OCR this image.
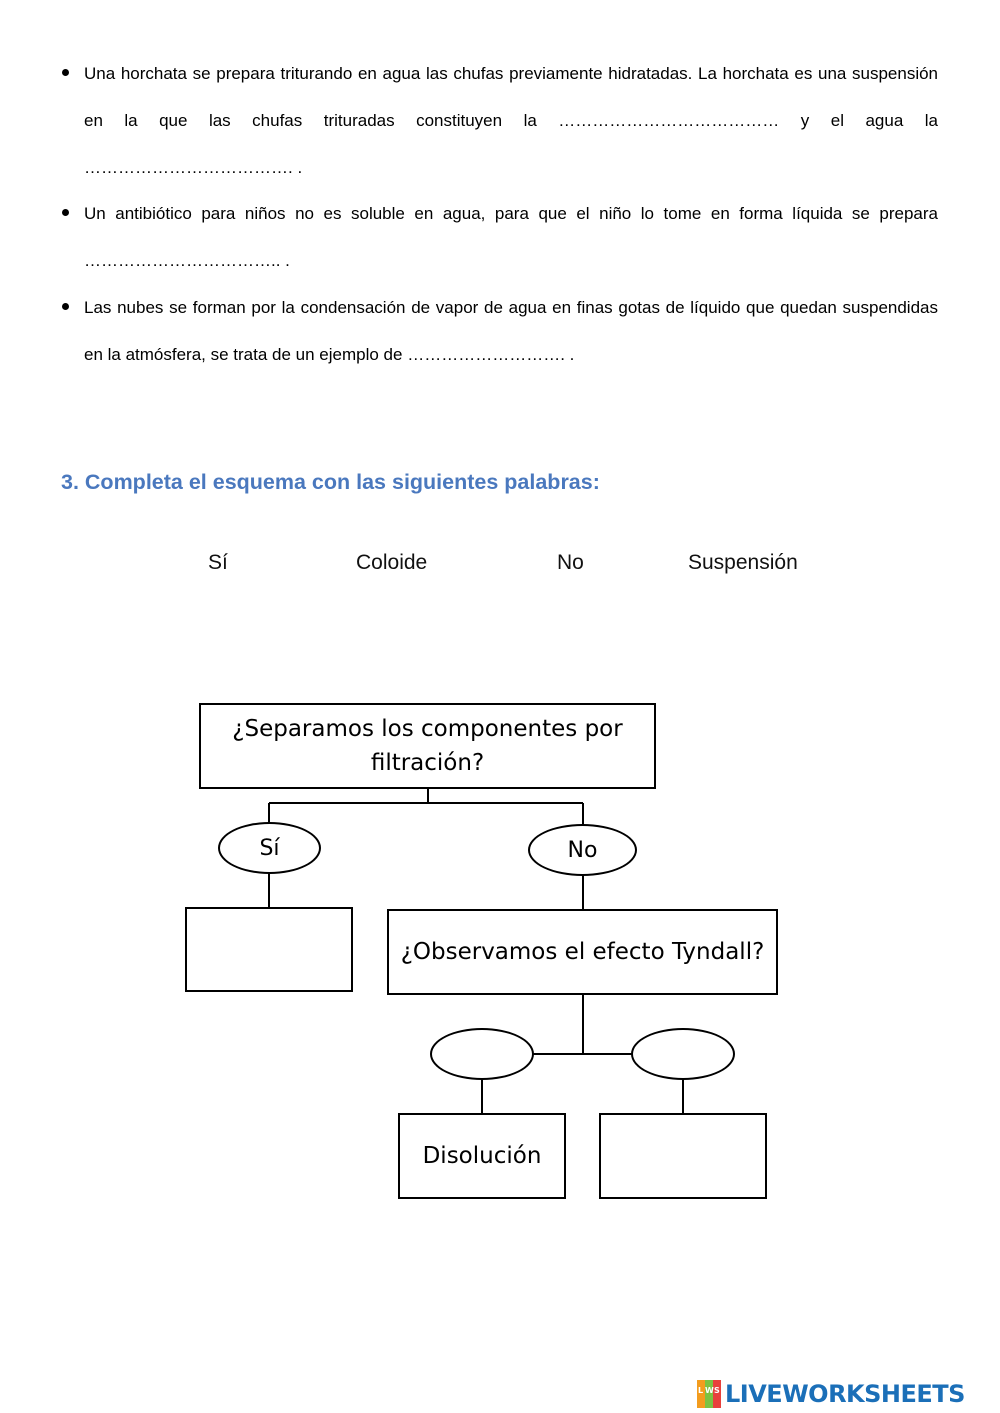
Una horchata se prepara triturando en agua las chufas previamente hidratadas. La horchata es una suspensión en la que las chufas trituradas constituyen la ………………………………… y el agua la ………………………………. .
Un antibiótico para niños no es soluble en agua, para que el niño lo tome en forma líquida se prepara …………………………….. .
Las nubes se forman por la condensación de vapor de agua en finas gotas de líquido que quedan suspendidas en la atmósfera, se trata de un ejemplo de ………………………. .
3. Completa el esquema con las siguientes palabras:
Sí	Coloide	No	Suspensión
¿Separamos los componentes por filtración?
Sí	No
¿Observamos el efecto Tyndall?
Disolución
L W S LIVEWORKSHEETS
